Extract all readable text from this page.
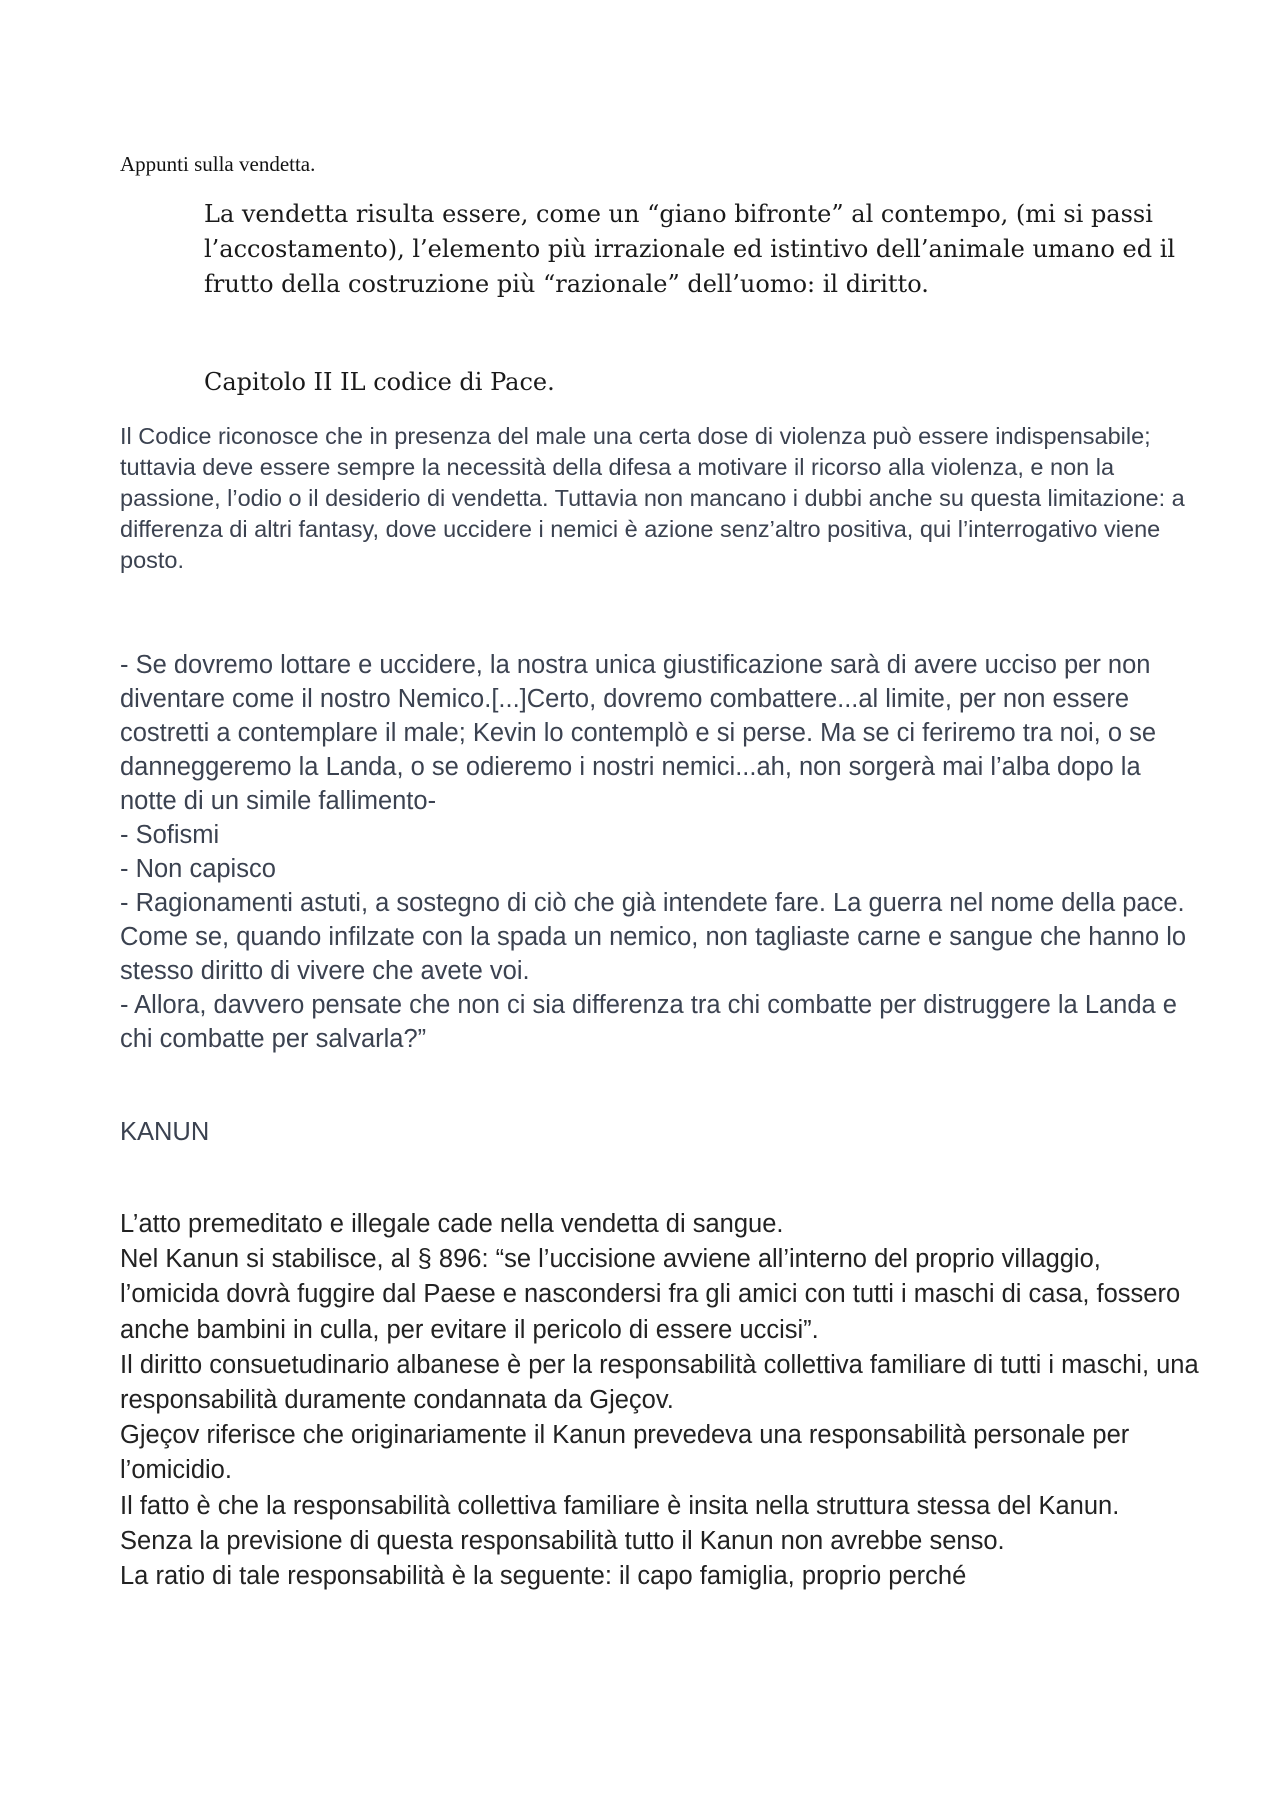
Appunti sulla vendetta.

La vendetta risulta essere, come un “giano bifronte” al contempo, (mi si passi l’accostamento), l’elemento più irrazionale ed istintivo dell’animale umano ed il frutto della costruzione più “razionale” dell’uomo: il diritto.

Capitolo II IL codice di Pace.

Il Codice riconosce che in presenza del male una certa dose di violenza può essere indispensabile; tuttavia deve essere sempre la necessità della difesa a motivare il ricorso alla violenza, e non la passione, l’odio o il desiderio di vendetta. Tuttavia non mancano i dubbi anche su questa limitazione: a differenza di altri fantasy, dove uccidere i nemici è azione senz’altro positiva, qui l’interrogativo viene posto.

- Se dovremo lottare e uccidere, la nostra unica giustificazione sarà di avere ucciso per non diventare come il nostro Nemico.[...]Certo, dovremo combattere...al limite, per non essere costretti a contemplare il male; Kevin lo contemplò e si perse. Ma se ci feriremo tra noi, o se danneggeremo la Landa, o se odieremo i nostri nemici...ah, non sorgerà mai l’alba dopo la notte di un simile fallimento-
- Sofismi
- Non capisco
- Ragionamenti astuti, a sostegno di ciò che già intendete fare. La guerra nel nome della pace. Come se, quando infilzate con la spada un nemico, non tagliaste carne e sangue che hanno lo stesso diritto di vivere che avete voi.
- Allora, davvero pensate che non ci sia differenza tra chi combatte per distruggere la Landa e chi combatte per salvarla?”
KANUN
L’atto premeditato e illegale cade nella vendetta di sangue.
Nel Kanun si stabilisce, al § 896: “se l’uccisione avviene all’interno del proprio villaggio, l’omicida dovrà fuggire dal Paese e nascondersi fra gli amici con tutti i maschi di casa, fossero anche bambini in culla, per evitare il pericolo di essere uccisi”.
Il diritto consuetudinario albanese è per la responsabilità collettiva familiare di tutti i maschi, una responsabilità duramente condannata da Gjeçov.
Gjeçov riferisce che originariamente il Kanun prevedeva una responsabilità personale per l’omicidio.
Il fatto è che la responsabilità collettiva familiare è insita nella struttura stessa del Kanun.
Senza la previsione di questa responsabilità tutto il Kanun non avrebbe senso.
La ratio di tale responsabilità è la seguente: il capo famiglia, proprio perché
